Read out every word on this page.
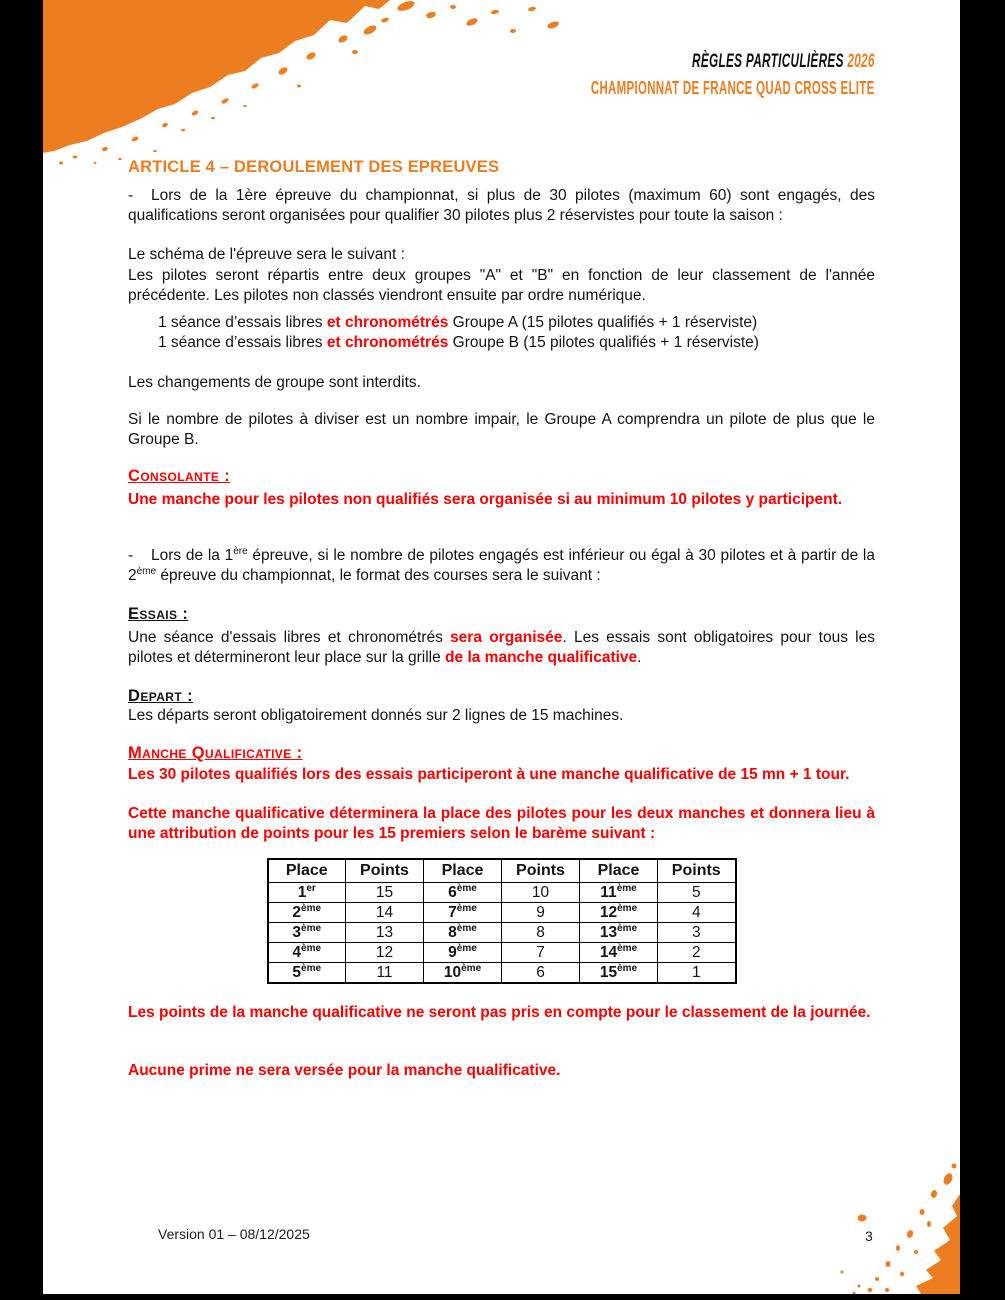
RÈGLES PARTICULIÈRES 2026
CHAMPIONNAT DE FRANCE QUAD CROSS ELITE
ARTICLE 4 – DEROULEMENT DES EPREUVES
- Lors de la 1ère épreuve du championnat, si plus de 30 pilotes (maximum 60) sont engagés, des qualifications seront organisées pour qualifier 30 pilotes plus 2 réservistes pour toute la saison :
Le schéma de l'épreuve sera le suivant :
Les pilotes seront répartis entre deux groupes "A" et "B" en fonction de leur classement de l'année précédente. Les pilotes non classés viendront ensuite par ordre numérique.
1 séance d’essais libres et chronométrés Groupe A (15 pilotes qualifiés + 1 réserviste)
1 séance d’essais libres et chronométrés Groupe B (15 pilotes qualifiés + 1 réserviste)
Les changements de groupe sont interdits.
Si le nombre de pilotes à diviser est un nombre impair, le Groupe A comprendra un pilote de plus que le Groupe B.
Consolante :
Une manche pour les pilotes non qualifiés sera organisée si au minimum 10 pilotes y participent.
- Lors de la 1ère épreuve, si le nombre de pilotes engagés est inférieur ou égal à 30 pilotes et à partir de la 2ème épreuve du championnat, le format des courses sera le suivant :
Essais :
Une séance d'essais libres et chronométrés sera organisée. Les essais sont obligatoires pour tous les pilotes et détermineront leur place sur la grille de la manche qualificative.
Depart :
Les départs seront obligatoirement donnés sur 2 lignes de 15 machines.
Manche Qualificative :
Les 30 pilotes qualifiés lors des essais participeront à une manche qualificative de 15 mn + 1 tour.
Cette manche qualificative déterminera la place des pilotes pour les deux manches et donnera lieu à une attribution de points pour les 15 premiers selon le barème suivant :
Place	Points	Place	Points	Place	Points
1er	15	6ème	10	11ème	5
2ème	14	7ème	9	12ème	4
3ème	13	8ème	8	13ème	3
4ème	12	9ème	7	14ème	2
5ème	11	10ème	6	15ème	1
Les points de la manche qualificative ne seront pas pris en compte pour le classement de la journée.
Aucune prime ne sera versée pour la manche qualificative.
Version 01 – 08/12/2025	3
